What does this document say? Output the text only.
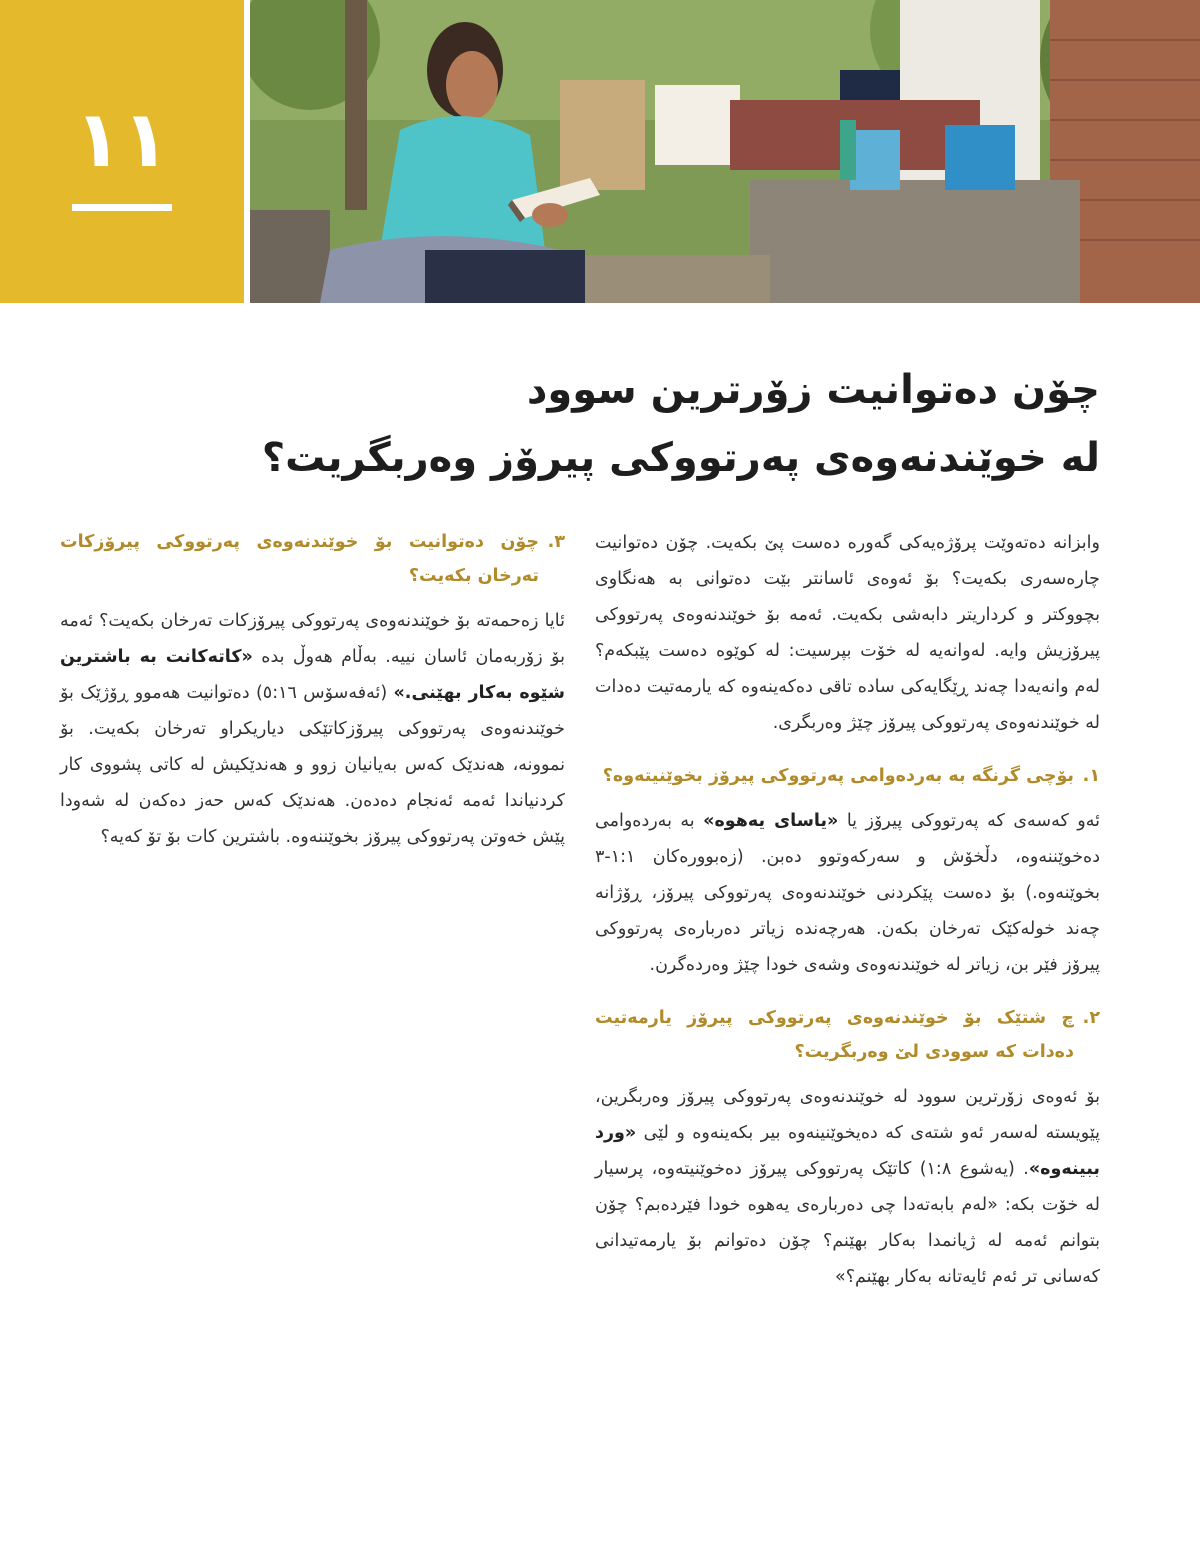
١١
چۆن دەتوانیت زۆرترین سوود
لە خوێندنەوەی پەرتووکی پیرۆز وەربگریت؟

وابزانە دەتەوێت پرۆژەیەکی گەورە دەست پێ بکەیت. چۆن دەتوانیت چارەسەری بکەیت؟ بۆ ئەوەی ئاسانتر بێت دەتوانی بە هەنگاوی بچووکتر و کرداریتر دابەشی بکەیت. ئەمە بۆ خوێندنەوەی پەرتووکی پیرۆزیش وایە. لەوانەیە لە خۆت بپرسیت: لە کوێوە دەست پێبکەم؟ لەم وانەیەدا چەند ڕێگایەکی سادە تاقی دەکەینەوە کە یارمەتیت دەدات لە خوێندنەوەی پەرتووکی پیرۆز چێژ وەربگری.

١.
بۆچی گرنگە بە بەردەوامی پەرتووکی پیرۆز بخوێنیتەوە؟

ئەو کەسەی کە پەرتووکی پیرۆز یا «یاسای یەهوە» بە بەردەوامی دەخوێننەوە، دڵخۆش و سەرکەوتوو دەبن. (زەبوورەکان ١:١-٣ بخوێنەوە.) بۆ دەست پێکردنی خوێندنەوەی پەرتووکی پیرۆز، ڕۆژانە چەند خولەکێک تەرخان بکەن. هەرچەندە زیاتر دەربارەی پەرتووکی پیرۆز فێر بن، زیاتر لە خوێندنەوەی وشەی خودا چێژ وەردەگرن.

٢.
چ شتێک بۆ خوێندنەوەی پەرتووکی پیرۆز یارمەتیت دەدات کە سوودی لێ وەربگریت؟

بۆ ئەوەی زۆرترین سوود لە خوێندنەوەی پەرتووکی پیرۆز وەربگرین، پێویستە لەسەر ئەو شتەی کە دەیخوێنینەوە بیر بکەینەوە و لێی «ورد ببینەوە». (یەشوع ١:٨) کاتێک پەرتووکی پیرۆز دەخوێنیتەوە، پرسیار لە خۆت بکە: «لەم بابەتەدا چی دەربارەی یەهوە خودا فێردەبم؟ چۆن بتوانم ئەمە لە ژیانمدا بەکار بهێنم؟ چۆن دەتوانم بۆ یارمەتیدانی کەسانی تر ئەم ئایەتانە بەکار بهێنم؟»

٣.
چۆن دەتوانیت بۆ خوێندنەوەی پەرتووکی پیرۆزکات تەرخان بکەیت؟

ئایا زەحمەتە بۆ خوێندنەوەی پەرتووکی پیرۆزکات تەرخان بکەیت؟ ئەمە بۆ زۆربەمان ئاسان نییە. بەڵام هەوڵ بدە «کاتەکانت بە باشترین شێوە بەکار بهێنی.» (ئەفەسۆس ٥:١٦) دەتوانیت هەموو ڕۆژێک بۆ خوێندنەوەی پەرتووکی پیرۆزکاتێکی دیاریکراو تەرخان بکەیت. بۆ نموونە، هەندێک کەس بەیانیان زوو و هەندێکیش لە کاتی پشووی کار کردنیاندا ئەمە ئەنجام دەدەن. هەندێک کەس حەز دەکەن لە شەودا پێش خەوتن پەرتووکی پیرۆز بخوێننەوە. باشترین کات بۆ تۆ کەیە؟
